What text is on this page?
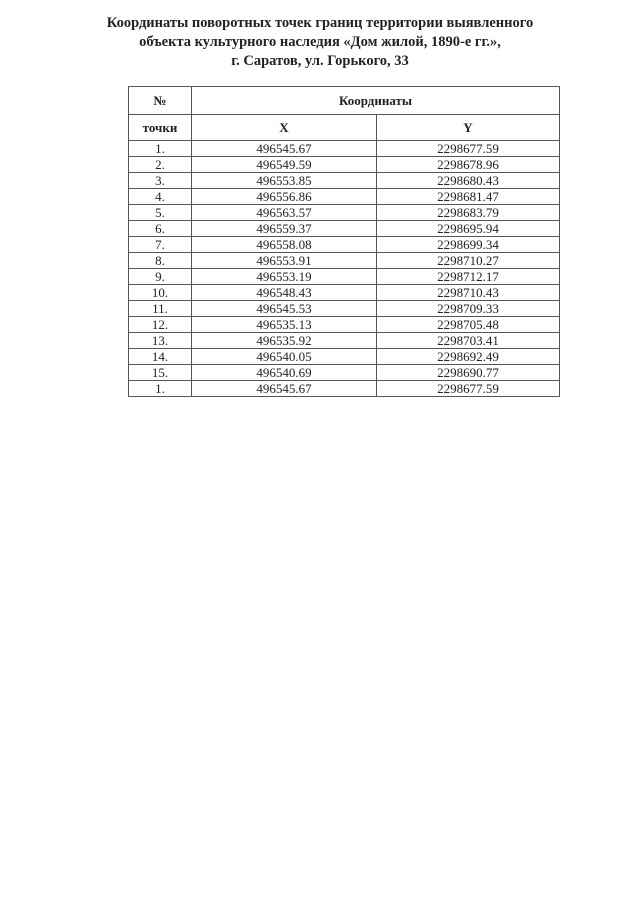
Координаты поворотных точек границ территории выявленного
объекта культурного наследия «Дом жилой, 1890-е гг.»,
г. Саратов, ул. Горького, 33
№	Координаты	
точки	X	Y
1.	496545.67	2298677.59
2.	496549.59	2298678.96
3.	496553.85	2298680.43
4.	496556.86	2298681.47
5.	496563.57	2298683.79
6.	496559.37	2298695.94
7.	496558.08	2298699.34
8.	496553.91	2298710.27
9.	496553.19	2298712.17
10.	496548.43	2298710.43
11.	496545.53	2298709.33
12.	496535.13	2298705.48
13.	496535.92	2298703.41
14.	496540.05	2298692.49
15.	496540.69	2298690.77
1.	496545.67	2298677.59
